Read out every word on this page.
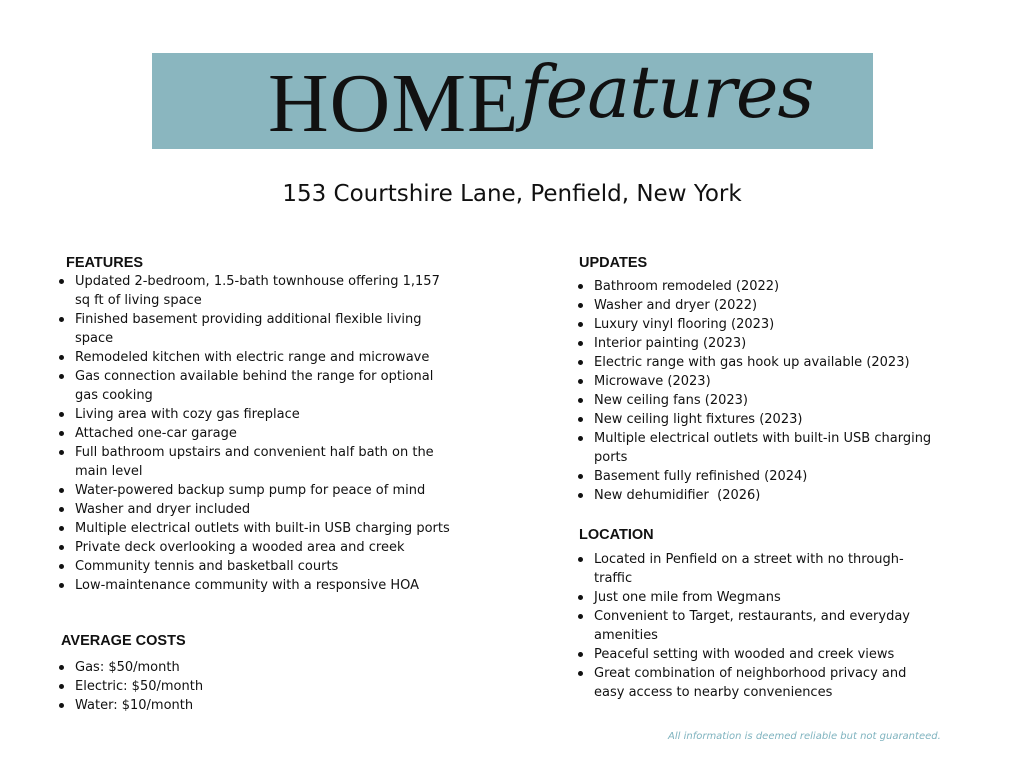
HOME features
153 Courtshire Lane, Penfield, New York
FEATURES
Updated 2-bedroom, 1.5-bath townhouse offering 1,157 sq ft of living space
Finished basement providing additional flexible living space
Remodeled kitchen with electric range and microwave
Gas connection available behind the range for optional gas cooking
Living area with cozy gas fireplace
Attached one-car garage
Full bathroom upstairs and convenient half bath on the main level
Water-powered backup sump pump for peace of mind
Washer and dryer included
Multiple electrical outlets with built-in USB charging ports
Private deck overlooking a wooded area and creek
Community tennis and basketball courts
Low-maintenance community with a responsive HOA
AVERAGE COSTS
Gas: $50/month
Electric: $50/month
Water: $10/month
UPDATES
Bathroom remodeled (2022)
Washer and dryer (2022)
Luxury vinyl flooring (2023)
Interior painting (2023)
Electric range with gas hook up available (2023)
Microwave (2023)
New ceiling fans (2023)
New ceiling light fixtures (2023)
Multiple electrical outlets with built-in USB charging ports
Basement fully refinished (2024)
New dehumidifier  (2026)
LOCATION
Located in Penfield on a street with no through-traffic
Just one mile from Wegmans
Convenient to Target, restaurants, and everyday amenities
Peaceful setting with wooded and creek views
Great combination of neighborhood privacy and easy access to nearby conveniences
All information is deemed reliable but not guaranteed.
